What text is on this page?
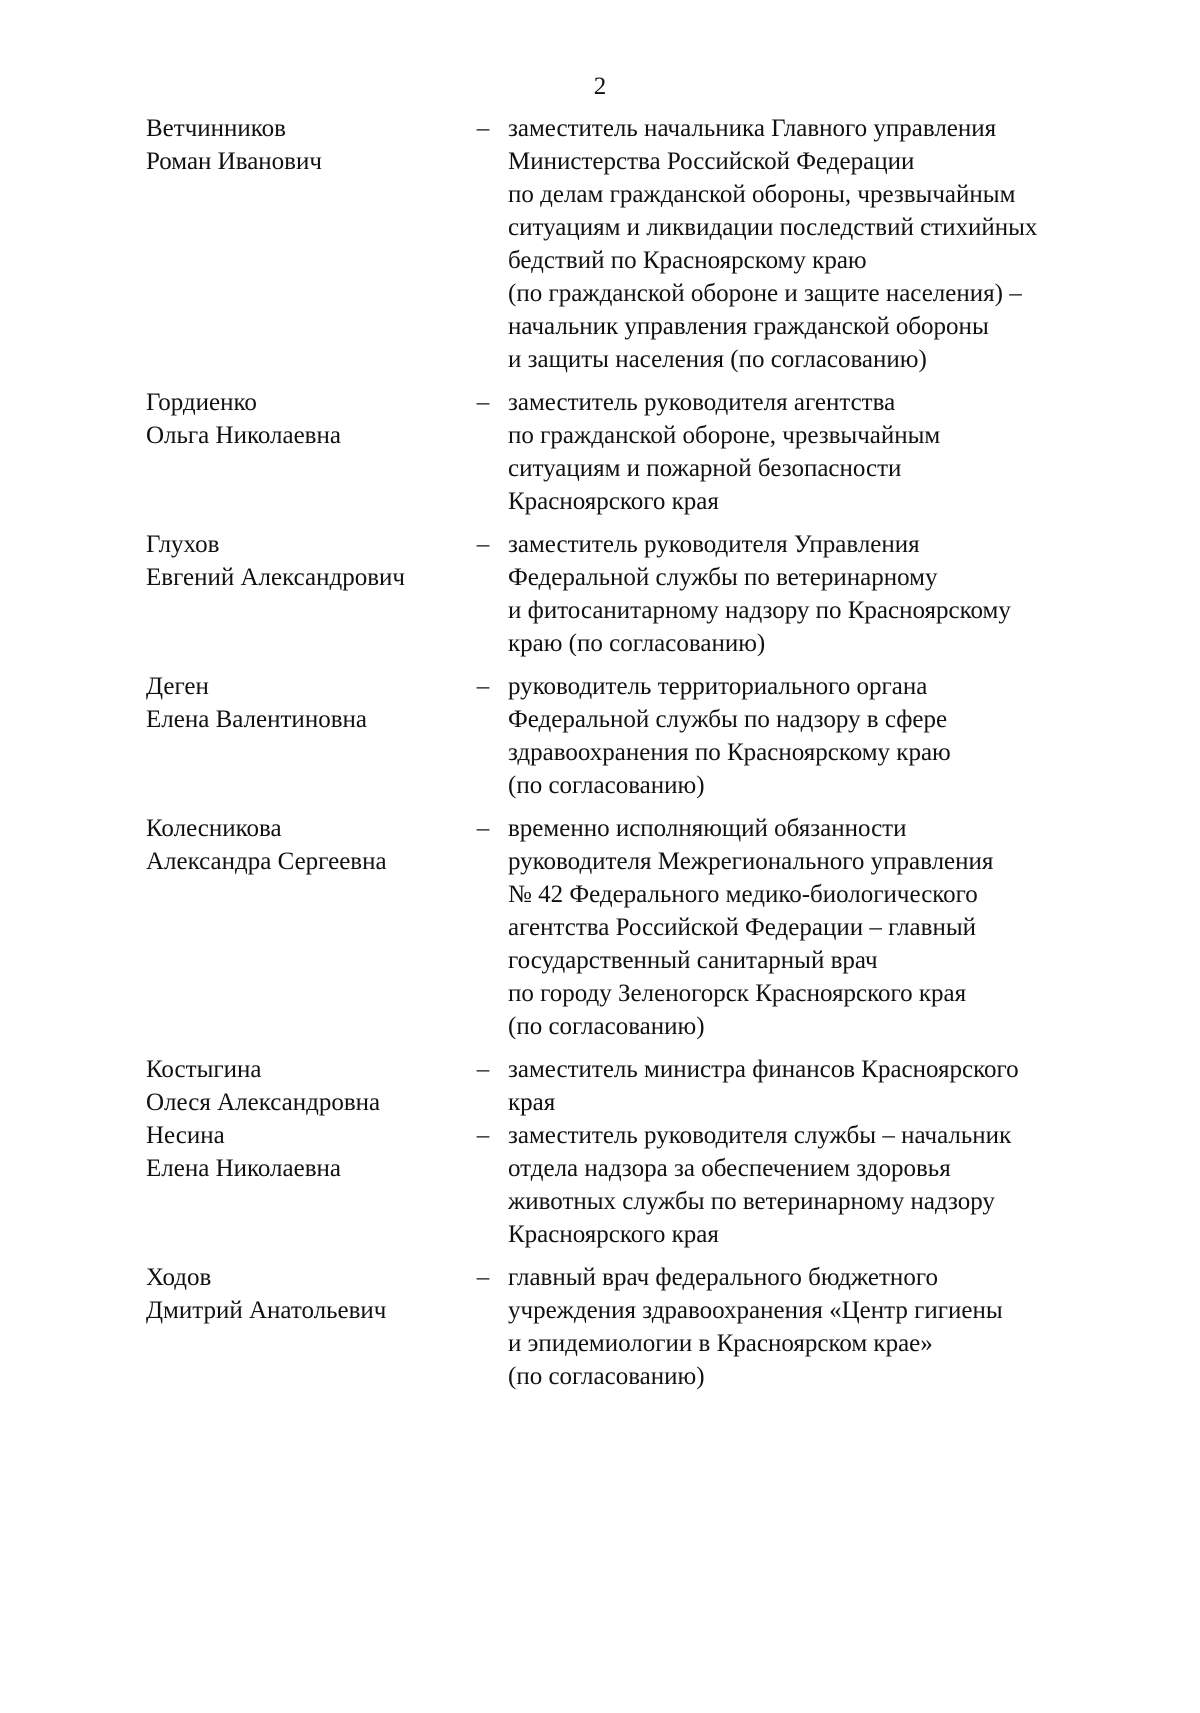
2
Ветчинников
Роман Иванович
– заместитель начальника Главного управления
Министерства Российской Федерации
по делам гражданской обороны, чрезвычайным
ситуациям и ликвидации последствий стихийных
бедствий по Красноярскому краю
(по гражданской обороне и защите населения) –
начальник управления гражданской обороны
и защиты населения (по согласованию)
Гордиенко
Ольга Николаевна
– заместитель руководителя агентства
по гражданской обороне, чрезвычайным
ситуациям и пожарной безопасности
Красноярского края
Глухов
Евгений Александрович
– заместитель руководителя Управления
Федеральной службы по ветеринарному
и фитосанитарному надзору по Красноярскому
краю (по согласованию)
Деген
Елена Валентиновна
– руководитель территориального органа
Федеральной службы по надзору в сфере
здравоохранения по Красноярскому краю
(по согласованию)
Колесникова
Александра Сергеевна
– временно исполняющий обязанности
руководителя Межрегионального управления
№ 42 Федерального медико-биологического
агентства Российской Федерации – главный
государственный санитарный врач
по городу Зеленогорск Красноярского края
(по согласованию)
Костыгина
Олеся Александровна
– заместитель министра финансов Красноярского
края
Несина
Елена Николаевна
– заместитель руководителя службы – начальник
отдела надзора за обеспечением здоровья
животных службы по ветеринарному надзору
Красноярского края
Ходов
Дмитрий Анатольевич
– главный врач федерального бюджетного
учреждения здравоохранения «Центр гигиены
и эпидемиологии в Красноярском крае»
(по согласованию)
